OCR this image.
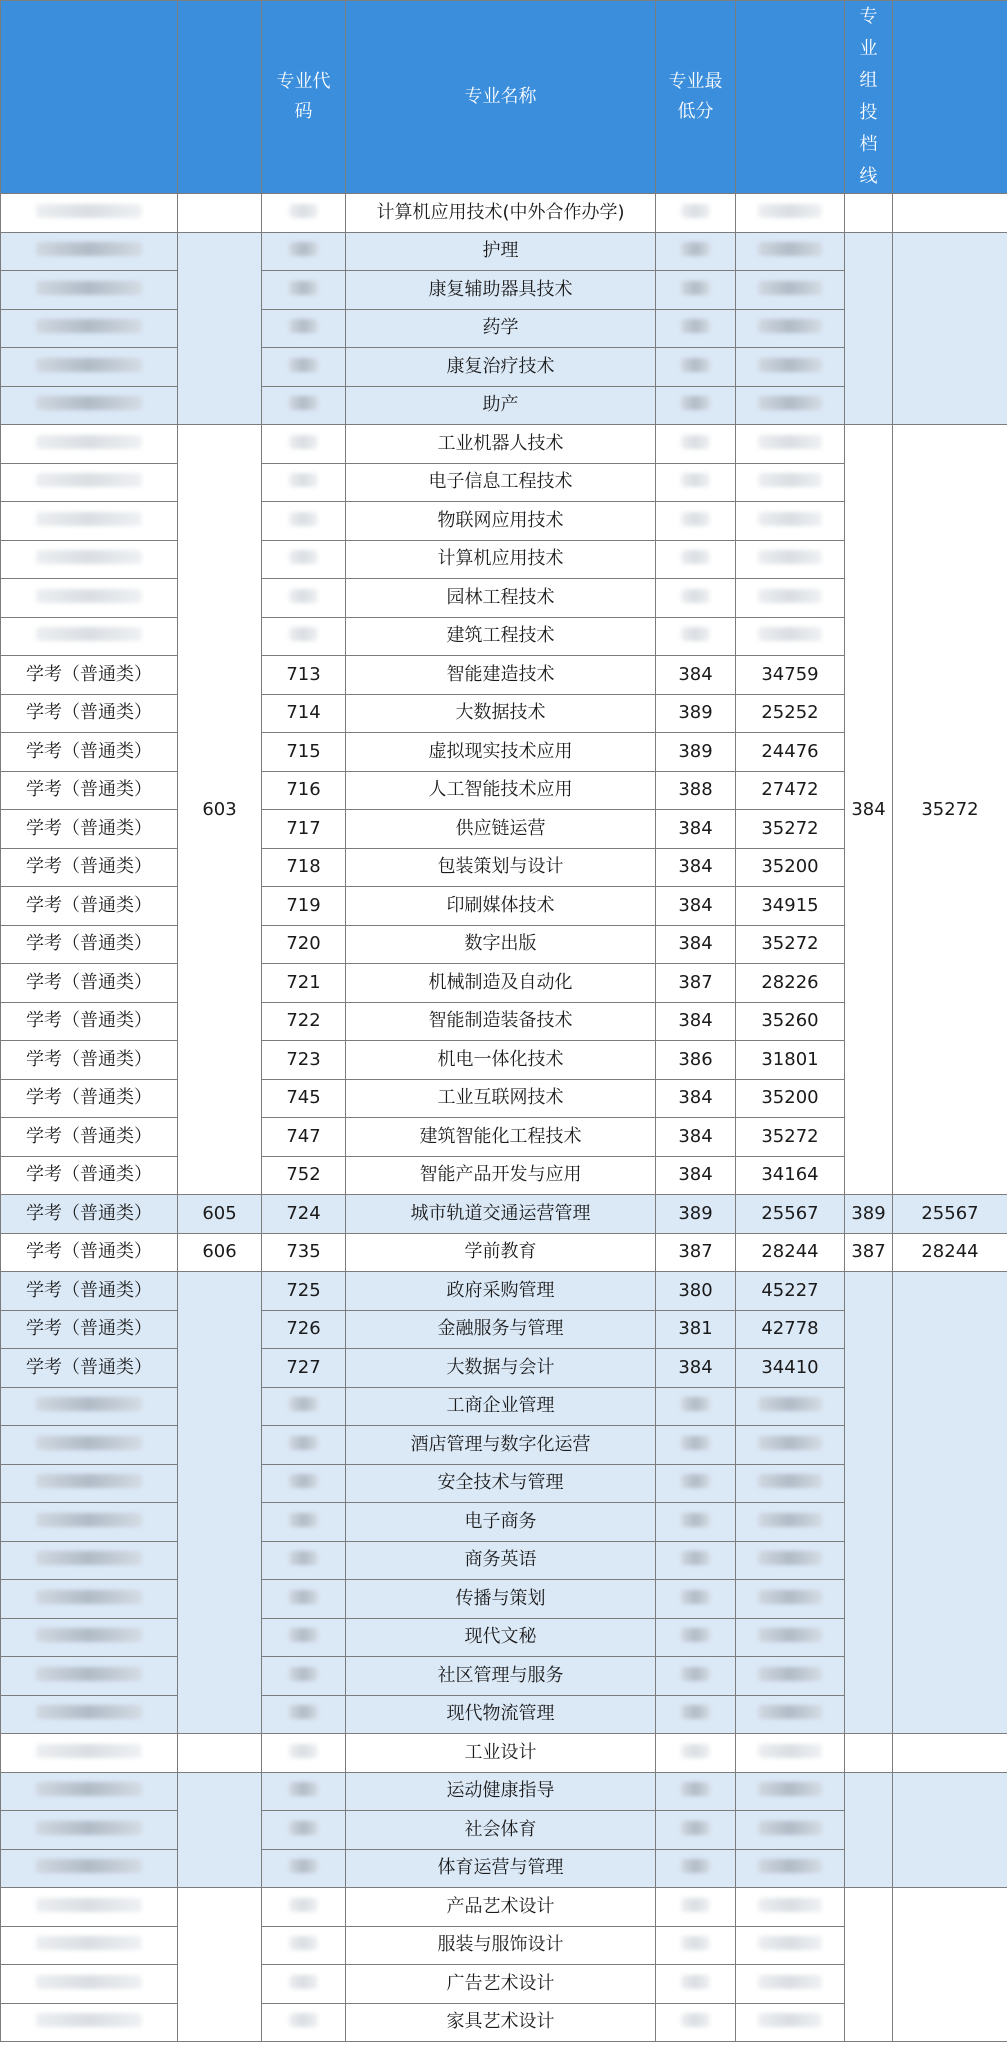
		专业代码	专业名称	专业最低分		专业组投档线	
			计算机应用技术(中外合作办学)				
			护理				
			康复辅助器具技术				
			药学				
			康复治疗技术				
			助产				
	603		工业机器人技术			384	35272
			电子信息工程技术				
			物联网应用技术				
			计算机应用技术				
			园林工程技术				
			建筑工程技术				
学考（普通类）		713	智能建造技术	384	34759		
学考（普通类）		714	大数据技术	389	25252		
学考（普通类）		715	虚拟现实技术应用	389	24476		
学考（普通类）		716	人工智能技术应用	388	27472		
学考（普通类）		717	供应链运营	384	35272		
学考（普通类）		718	包装策划与设计	384	35200		
学考（普通类）		719	印刷媒体技术	384	34915		
学考（普通类）		720	数字出版	384	35272		
学考（普通类）		721	机械制造及自动化	387	28226		
学考（普通类）		722	智能制造装备技术	384	35260		
学考（普通类）		723	机电一体化技术	386	31801		
学考（普通类）		745	工业互联网技术	384	35200		
学考（普通类）		747	建筑智能化工程技术	384	35272		
学考（普通类）		752	智能产品开发与应用	384	34164		
学考（普通类）	605	724	城市轨道交通运营管理	389	25567	389	25567
学考（普通类）	606	735	学前教育	387	28244	387	28244
学考（普通类）		725	政府采购管理	380	45227		
学考（普通类）		726	金融服务与管理	381	42778		
学考（普通类）		727	大数据与会计	384	34410		
			工商企业管理				
			酒店管理与数字化运营				
			安全技术与管理				
			电子商务				
			商务英语				
			传播与策划				
			现代文秘				
			社区管理与服务				
			现代物流管理				
			工业设计				
			运动健康指导				
			社会体育				
			体育运营与管理				
			产品艺术设计				
			服装与服饰设计				
			广告艺术设计				
			家具艺术设计				
